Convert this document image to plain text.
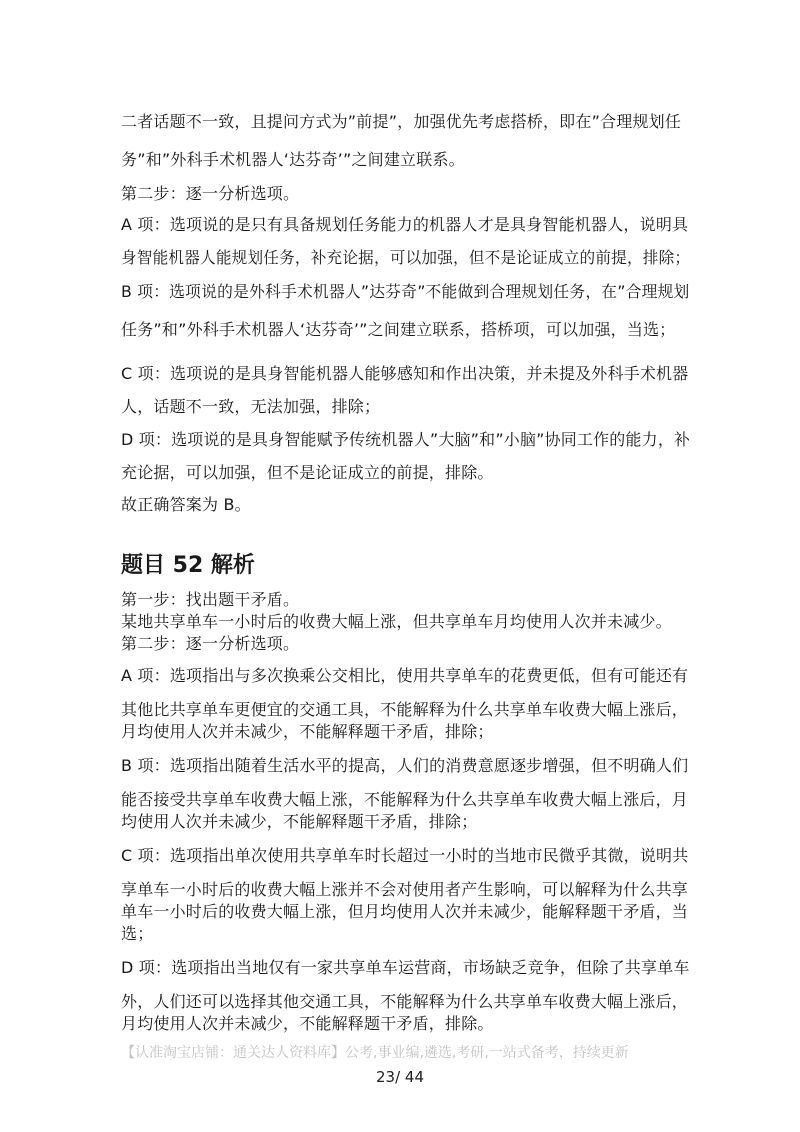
二者话题不一致，且提问方式为”前提”，加强优先考虑搭桥，即在”合理规划任
务”和”外科手术机器人‘达芬奇’”之间建立联系。
第二步：逐一分析选项。
A 项：选项说的是只有具备规划任务能力的机器人才是具身智能机器人，说明具
身智能机器人能规划任务，补充论据，可以加强，但不是论证成立的前提，排除；
B 项：选项说的是外科手术机器人”达芬奇”不能做到合理规划任务，在”合理规划
任务”和”外科手术机器人‘达芬奇’”之间建立联系，搭桥项，可以加强，当选；
C 项：选项说的是具身智能机器人能够感知和作出决策，并未提及外科手术机器
人，话题不一致，无法加强，排除；
D 项：选项说的是具身智能赋予传统机器人”大脑”和”小脑”协同工作的能力，补
充论据，可以加强，但不是论证成立的前提，排除。
故正确答案为 B。
题目 52 解析
第一步：找出题干矛盾。
某地共享单车一小时后的收费大幅上涨，但共享单车月均使用人次并未减少。
第二步：逐一分析选项。
A 项：选项指出与多次换乘公交相比，使用共享单车的花费更低，但有可能还有
其他比共享单车更便宜的交通工具，不能解释为什么共享单车收费大幅上涨后，
月均使用人次并未减少，不能解释题干矛盾，排除；
B 项：选项指出随着生活水平的提高，人们的消费意愿逐步增强，但不明确人们
能否接受共享单车收费大幅上涨，不能解释为什么共享单车收费大幅上涨后，月
均使用人次并未减少，不能解释题干矛盾，排除；
C 项：选项指出单次使用共享单车时长超过一小时的当地市民微乎其微，说明共
享单车一小时后的收费大幅上涨并不会对使用者产生影响，可以解释为什么共享
单车一小时后的收费大幅上涨，但月均使用人次并未减少，能解释题干矛盾，当
选；
D 项：选项指出当地仅有一家共享单车运营商，市场缺乏竞争，但除了共享单车
外，人们还可以选择其他交通工具，不能解释为什么共享单车收费大幅上涨后，
月均使用人次并未减少，不能解释题干矛盾，排除。
【认准淘宝店铺：通关达人资料库】公考,事业编,遴选,考研,一站式备考，持续更新
23/ 44
